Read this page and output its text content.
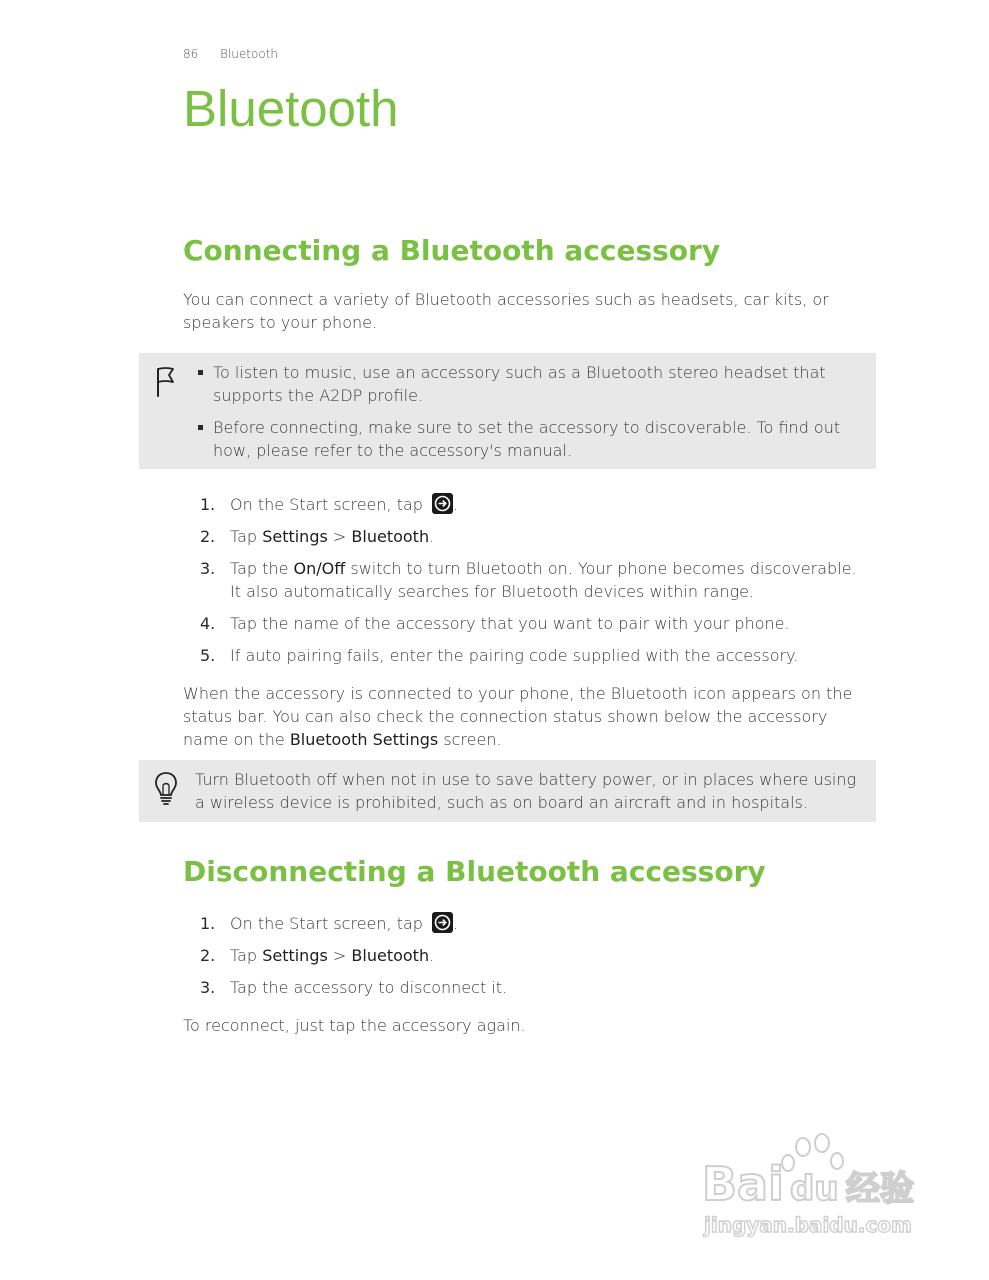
86 Bluetooth
Bluetooth
Connecting a Bluetooth accessory

You can connect a variety of Bluetooth accessories such as headsets, car kits, or speakers to your phone.

To listen to music, use an accessory such as a Bluetooth stereo headset that supports the A2DP profile.
Before connecting, make sure to set the accessory to discoverable. To find out how, please refer to the accessory's manual.
1. On the Start screen, tap .
2. Tap Settings > Bluetooth.
3. Tap the On/Off switch to turn Bluetooth on. Your phone becomes discoverable. It also automatically searches for Bluetooth devices within range.
4. Tap the name of the accessory that you want to pair with your phone.
5. If auto pairing fails, enter the pairing code supplied with the accessory.

When the accessory is connected to your phone, the Bluetooth icon appears on the status bar. You can also check the connection status shown below the accessory name on the Bluetooth Settings screen.

Turn Bluetooth off when not in use to save battery power, or in places where using a wireless device is prohibited, such as on board an aircraft and in hospitals.

Disconnecting a Bluetooth accessory
1. On the Start screen, tap .
2. Tap Settings > Bluetooth.
3. Tap the accessory to disconnect it.

To reconnect, just tap the accessory again.

Bai du 经验
jingyan.baidu.com
